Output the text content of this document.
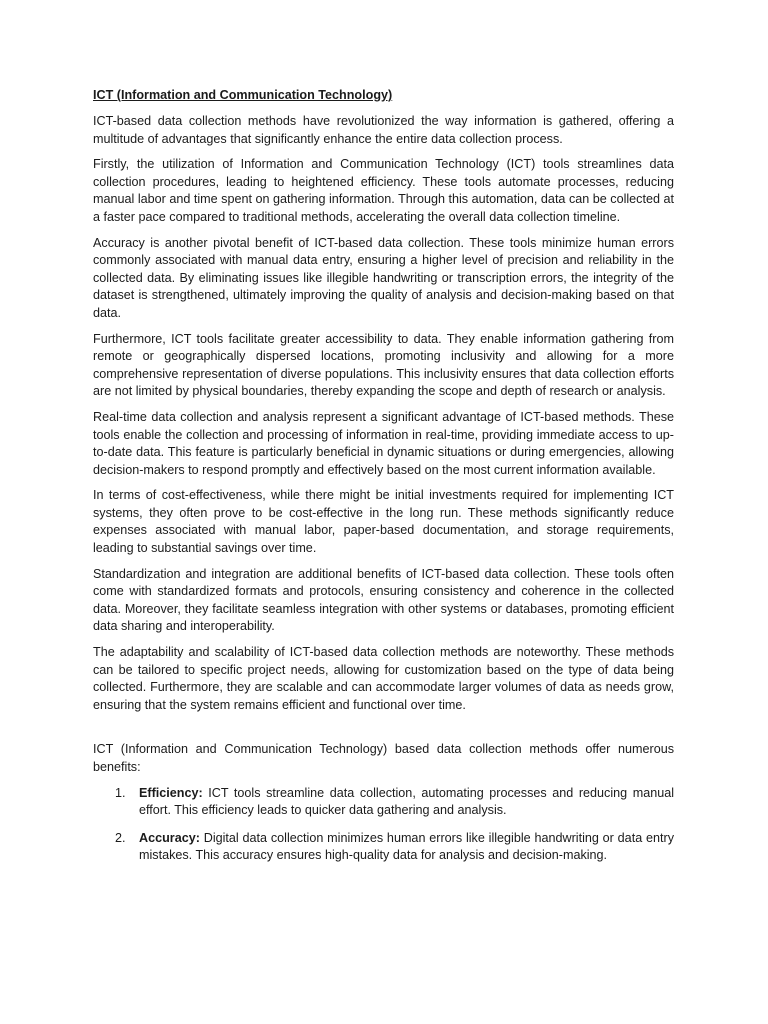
ICT (Information and Communication Technology)

ICT-based data collection methods have revolutionized the way information is gathered, offering a multitude of advantages that significantly enhance the entire data collection process.

Firstly, the utilization of Information and Communication Technology (ICT) tools streamlines data collection procedures, leading to heightened efficiency. These tools automate processes, reducing manual labor and time spent on gathering information. Through this automation, data can be collected at a faster pace compared to traditional methods, accelerating the overall data collection timeline.

Accuracy is another pivotal benefit of ICT-based data collection. These tools minimize human errors commonly associated with manual data entry, ensuring a higher level of precision and reliability in the collected data. By eliminating issues like illegible handwriting or transcription errors, the integrity of the dataset is strengthened, ultimately improving the quality of analysis and decision-making based on that data.

Furthermore, ICT tools facilitate greater accessibility to data. They enable information gathering from remote or geographically dispersed locations, promoting inclusivity and allowing for a more comprehensive representation of diverse populations. This inclusivity ensures that data collection efforts are not limited by physical boundaries, thereby expanding the scope and depth of research or analysis.

Real-time data collection and analysis represent a significant advantage of ICT-based methods. These tools enable the collection and processing of information in real-time, providing immediate access to up-to-date data. This feature is particularly beneficial in dynamic situations or during emergencies, allowing decision-makers to respond promptly and effectively based on the most current information available.

In terms of cost-effectiveness, while there might be initial investments required for implementing ICT systems, they often prove to be cost-effective in the long run. These methods significantly reduce expenses associated with manual labor, paper-based documentation, and storage requirements, leading to substantial savings over time.

Standardization and integration are additional benefits of ICT-based data collection. These tools often come with standardized formats and protocols, ensuring consistency and coherence in the collected data. Moreover, they facilitate seamless integration with other systems or databases, promoting efficient data sharing and interoperability.

The adaptability and scalability of ICT-based data collection methods are noteworthy. These methods can be tailored to specific project needs, allowing for customization based on the type of data being collected. Furthermore, they are scalable and can accommodate larger volumes of data as needs grow, ensuring that the system remains efficient and functional over time.

ICT (Information and Communication Technology) based data collection methods offer numerous benefits:

1. Efficiency: ICT tools streamline data collection, automating processes and reducing manual effort. This efficiency leads to quicker data gathering and analysis.
2. Accuracy: Digital data collection minimizes human errors like illegible handwriting or data entry mistakes. This accuracy ensures high-quality data for analysis and decision-making.
